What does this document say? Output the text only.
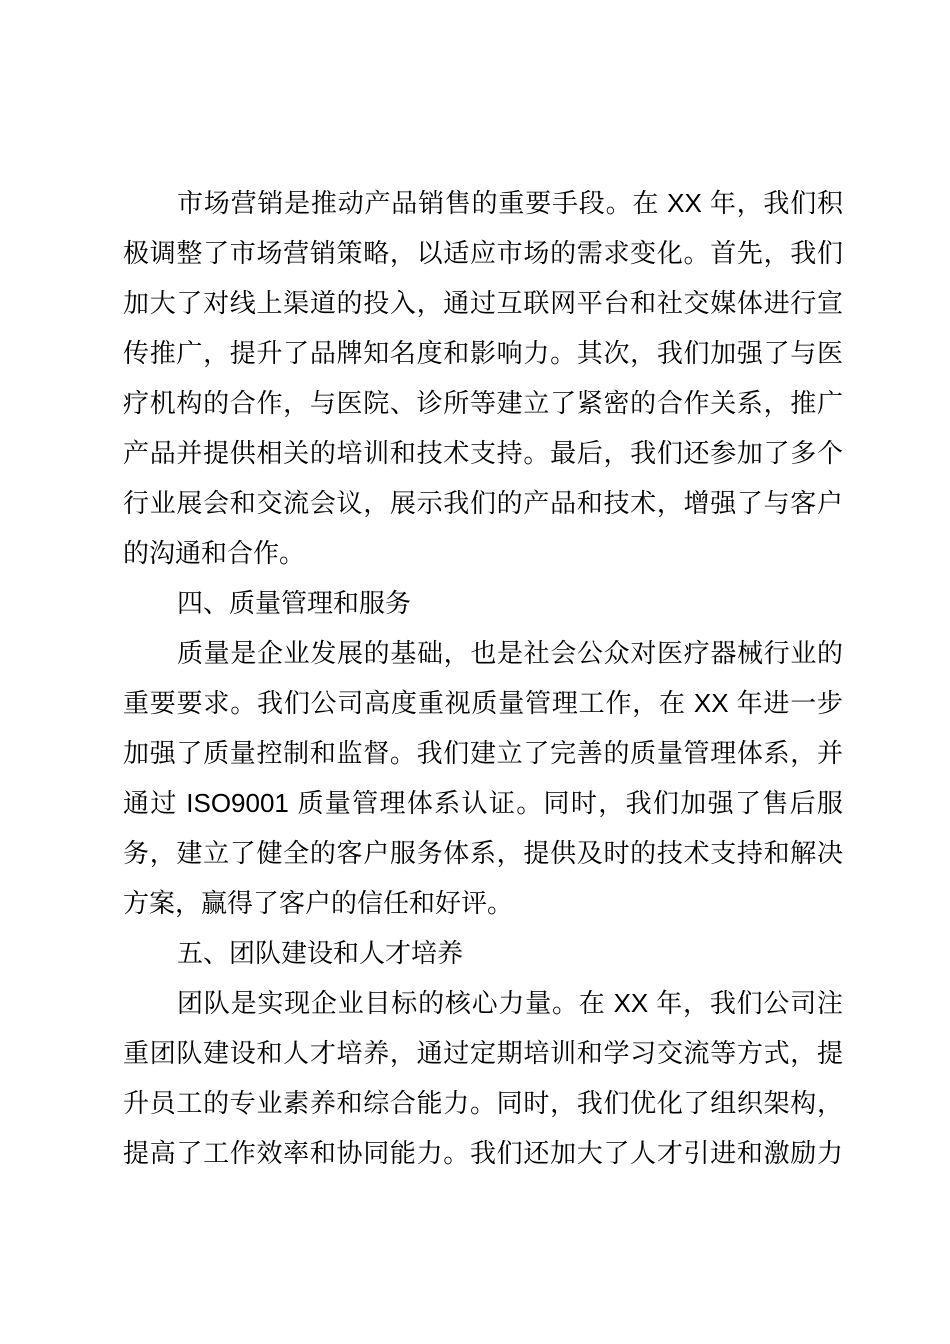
市场营销是推动产品销售的重要手段。在 XX 年，我们积
极调整了市场营销策略，以适应市场的需求变化。首先，我们
加大了对线上渠道的投入，通过互联网平台和社交媒体进行宣
传推广，提升了品牌知名度和影响力。其次，我们加强了与医
疗机构的合作，与医院、诊所等建立了紧密的合作关系，推广
产品并提供相关的培训和技术支持。最后，我们还参加了多个
行业展会和交流会议，展示我们的产品和技术，增强了与客户
的沟通和合作。
四、质量管理和服务
质量是企业发展的基础，也是社会公众对医疗器械行业的
重要要求。我们公司高度重视质量管理工作，在 XX 年进一步
加强了质量控制和监督。我们建立了完善的质量管理体系，并
通过 ISO9001 质量管理体系认证。同时，我们加强了售后服
务，建立了健全的客户服务体系，提供及时的技术支持和解决
方案，赢得了客户的信任和好评。
五、团队建设和人才培养
团队是实现企业目标的核心力量。在 XX 年，我们公司注
重团队建设和人才培养，通过定期培训和学习交流等方式，提
升员工的专业素养和综合能力。同时，我们优化了组织架构，
提高了工作效率和协同能力。我们还加大了人才引进和激励力
